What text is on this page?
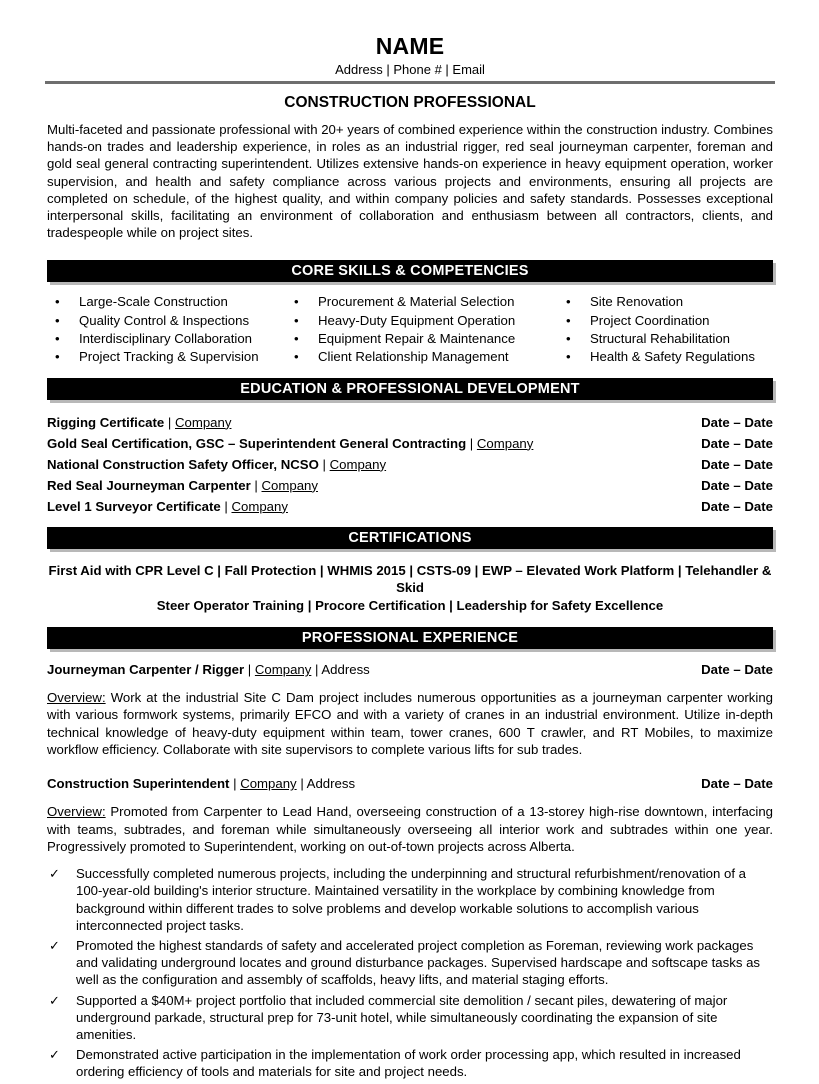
NAME
Address | Phone # | Email
CONSTRUCTION PROFESSIONAL
Multi-faceted and passionate professional with 20+ years of combined experience within the construction industry. Combines hands-on trades and leadership experience, in roles as an industrial rigger, red seal journeyman carpenter, foreman and gold seal general contracting superintendent. Utilizes extensive hands-on experience in heavy equipment operation, worker supervision, and health and safety compliance across various projects and environments, ensuring all projects are completed on schedule, of the highest quality, and within company policies and safety standards. Possesses exceptional interpersonal skills, facilitating an environment of collaboration and enthusiasm between all contractors, clients, and tradespeople while on project sites.
CORE SKILLS & COMPETENCIES
• Large-Scale Construction
• Quality Control & Inspections
• Interdisciplinary Collaboration
• Project Tracking & Supervision
• Procurement & Material Selection
• Heavy-Duty Equipment Operation
• Equipment Repair & Maintenance
• Client Relationship Management
• Site Renovation
• Project Coordination
• Structural Rehabilitation
• Health & Safety Regulations
EDUCATION & PROFESSIONAL DEVELOPMENT
Rigging Certificate | Company	Date – Date
Gold Seal Certification, GSC – Superintendent General Contracting | Company	Date – Date
National Construction Safety Officer, NCSO | Company	Date – Date
Red Seal Journeyman Carpenter | Company	Date – Date
Level 1 Surveyor Certificate | Company	Date – Date
CERTIFICATIONS
First Aid with CPR Level C | Fall Protection | WHMIS 2015 | CSTS-09 | EWP – Elevated Work Platform | Telehandler & Skid
Steer Operator Training | Procore Certification | Leadership for Safety Excellence
PROFESSIONAL EXPERIENCE
Journeyman Carpenter / Rigger | Company | Address	Date – Date
Overview: Work at the industrial Site C Dam project includes numerous opportunities as a journeyman carpenter working with various formwork systems, primarily EFCO and with a variety of cranes in an industrial environment. Utilize in-depth technical knowledge of heavy-duty equipment within team, tower cranes, 600 T crawler, and RT Mobiles, to maximize workflow efficiency. Collaborate with site supervisors to complete various lifts for sub trades.
Construction Superintendent | Company | Address	Date – Date
Overview: Promoted from Carpenter to Lead Hand, overseeing construction of a 13-storey high-rise downtown, interfacing with teams, subtrades, and foreman while simultaneously overseeing all interior work and subtrades within one year. Progressively promoted to Superintendent, working on out-of-town projects across Alberta.
✓ Successfully completed numerous projects, including the underpinning and structural refurbishment/renovation of a 100-year-old building's interior structure. Maintained versatility in the workplace by combining knowledge from background within different trades to solve problems and develop workable solutions to accomplish various interconnected project tasks.
✓ Promoted the highest standards of safety and accelerated project completion as Foreman, reviewing work packages and validating underground locates and ground disturbance packages. Supervised hardscape and softscape tasks as well as the configuration and assembly of scaffolds, heavy lifts, and material staging efforts.
✓ Supported a $40M+ project portfolio that included commercial site demolition / secant piles, dewatering of major underground parkade, structural prep for 73-unit hotel, while simultaneously coordinating the expansion of site amenities.
✓ Demonstrated active participation in the implementation of work order processing app, which resulted in increased ordering efficiency of tools and materials for site and project needs.
